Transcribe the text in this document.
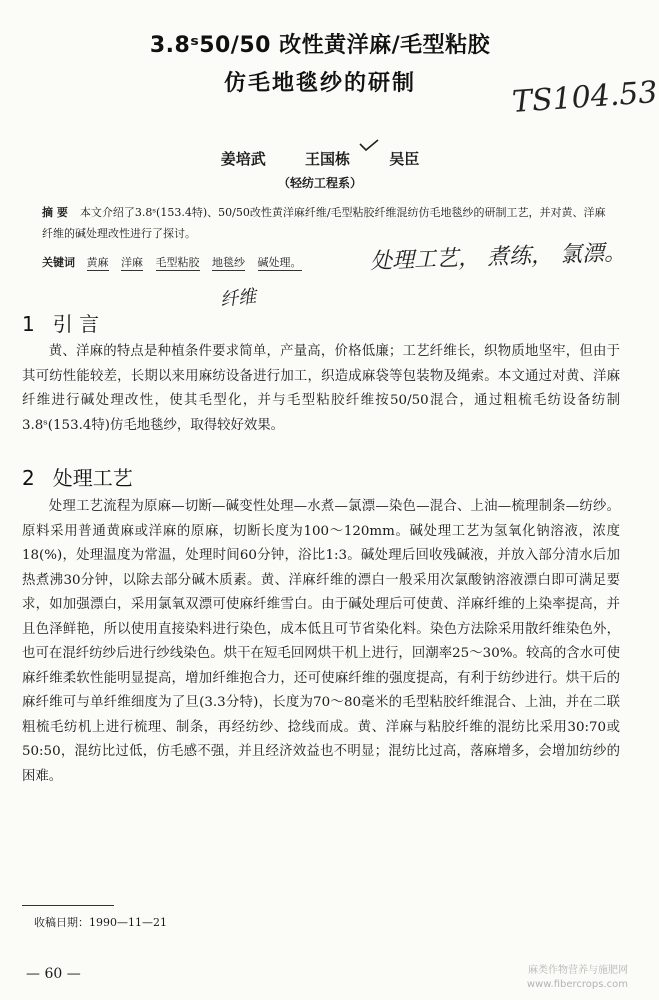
3.8ˢ50/50 改性黄洋麻/毛型粘胶
仿毛地毯纱的研制	TS104.53
姜培武	王国栋	吴臣
（轻纺工程系）
摘 要 本文介绍了3.8ˢ(153.4特)、50/50改性黄洋麻纤维/毛型粘胶纤维混纺仿毛地毯纱的研制工艺，并对黄、洋麻纤维的碱处理改性进行了探讨。
关键词 黄麻 洋麻 毛型粘胶 地毯纱 碱处理。	处理工艺， 煮练， 氯漂。
纤维
1 引 言

黄、洋麻的特点是种植条件要求简单，产量高，价格低廉；工艺纤维长，织物质地坚牢，但由于其可纺性能较差，长期以来用麻纺设备进行加工，织造成麻袋等包装物及绳索。本文通过对黄、洋麻纤维进行碱处理改性，使其毛型化，并与毛型粘胶纤维按50/50混合，通过粗梳毛纺设备纺制3.8ˢ(153.4特)仿毛地毯纱，取得较好效果。

2 处理工艺

处理工艺流程为原麻—切断—碱变性处理—水煮—氯漂—染色—混合、上油—梳理制条—纺纱。原料采用普通黄麻或洋麻的原麻，切断长度为100～120mm。碱处理工艺为氢氧化钠溶液，浓度18(%)，处理温度为常温，处理时间60分钟，浴比1:3。碱处理后回收残碱液，并放入部分清水后加热煮沸30分钟，以除去部分碱木质素。黄、洋麻纤维的漂白一般采用次氯酸钠溶液漂白即可满足要求，如加强漂白，采用氯氧双漂可使麻纤维雪白。由于碱处理后可使黄、洋麻纤维的上染率提高，并且色泽鲜艳，所以使用直接染料进行染色，成本低且可节省染化料。染色方法除采用散纤维染色外，也可在混纤纺纱后进行纱线染色。烘干在短毛回网烘干机上进行，回潮率25～30%。较高的含水可使麻纤维柔软性能明显提高，增加纤维抱合力，还可使麻纤维的强度提高，有利于纺纱进行。烘干后的麻纤维可与单纤维细度为了旦(3.3分特)，长度为70～80毫米的毛型粘胶纤维混合、上油，并在二联粗梳毛纺机上进行梳理、制条，再经纺纱、捻线而成。黄、洋麻与粘胶纤维的混纺比采用30:70或50:50，混纺比过低，仿毛感不强，并且经济效益也不明显；混纺比过高，落麻增多，会增加纺纱的困难。

收稿日期：1990—11—21
— 60 —	麻类作物营养与施肥网
www.fibercrops.com
